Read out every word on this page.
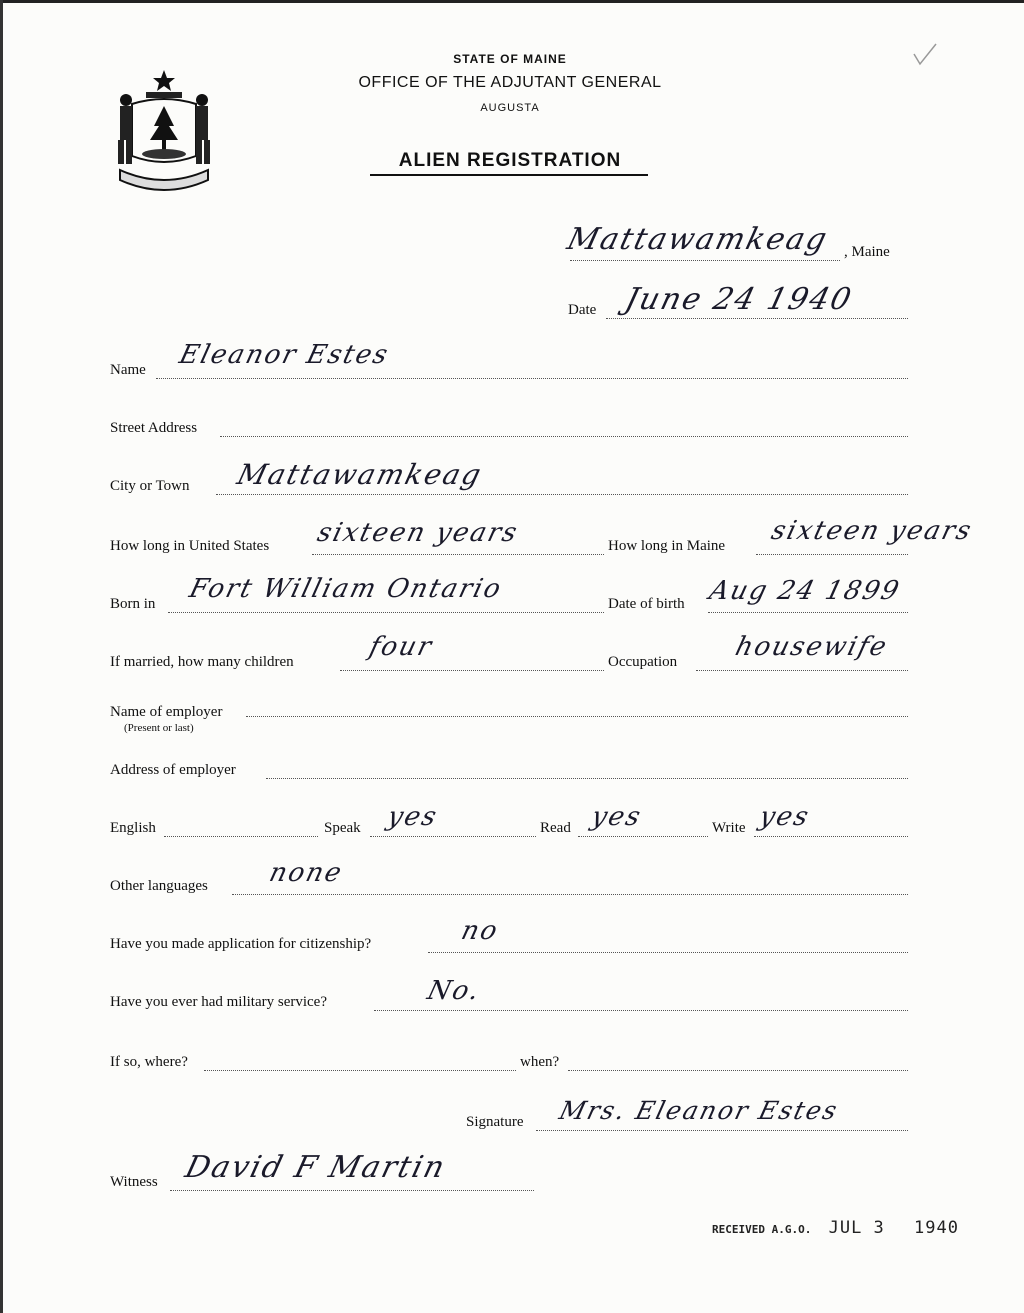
STATE OF MAINE
OFFICE OF THE ADJUTANT GENERAL
AUGUSTA
ALIEN REGISTRATION
Mattawamkeag , Maine
Date June 24 1940
Name Eleanor Estes
Street Address
City or Town Mattawamkeag
How long in United States sixteen years	How long in Maine sixteen years
Born in Fort William Ontario	Date of birth Aug 24 1899
If married, how many children	four	Occupation housewife
Name of employer
(Present or last)
Address of employer
English	Speak yes	Read yes	Write yes
Other languages none
Have you made application for citizenship?	no
Have you ever had military service?	No.
If so, where?	when?
Signature Mrs. Eleanor Estes
Witness David F Martin
RECEIVED A.G.O. JUL 3 1940
